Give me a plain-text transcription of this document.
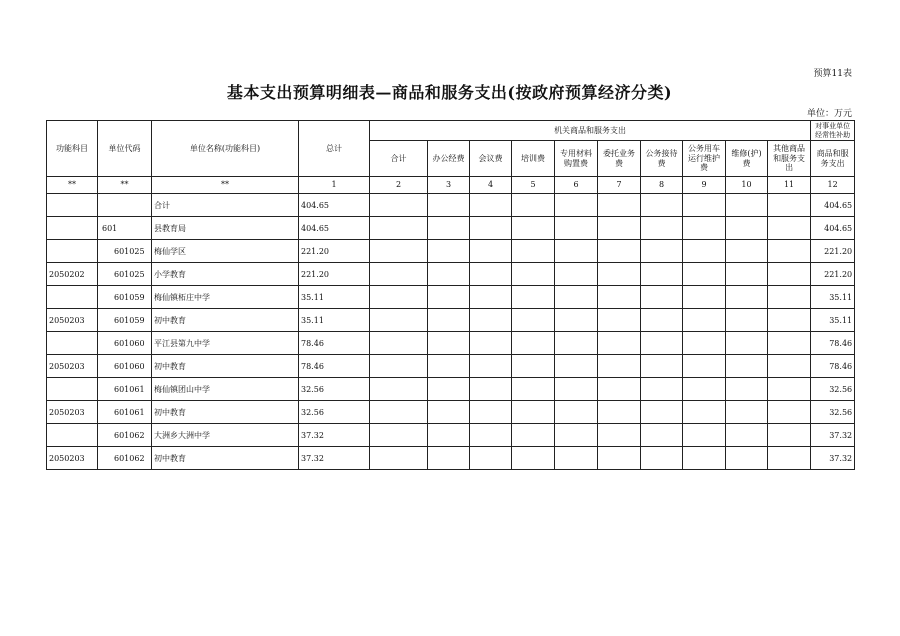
预算11表
基本支出预算明细表—商品和服务支出(按政府预算经济分类)
单位：万元
功能科目	单位代码	单位名称(功能科目)	总计	机关商品和服务支出										对事业单位经常性补助
				合计	办公经费	会议费	培训费	专用材料购置费	委托业务费	公务接待费	公务用车运行维护费	维修(护)费	其他商品和服务支出	商品和服务支出
**	**	**	1	2	3	4	5	6	7	8	9	10	11	12
		合计	404.65											404.65
	601	县教育局	404.65											404.65
	601025	梅仙学区	221.20											221.20
2050202	601025	小学教育	221.20											221.20
	601059	梅仙镇柘庄中学	35.11											35.11
2050203	601059	初中教育	35.11											35.11
	601060	平江县第九中学	78.46											78.46
2050203	601060	初中教育	78.46											78.46
	601061	梅仙镇团山中学	32.56											32.56
2050203	601061	初中教育	32.56											32.56
	601062	大洲乡大洲中学	37.32											37.32
2050203	601062	初中教育	37.32											37.32
